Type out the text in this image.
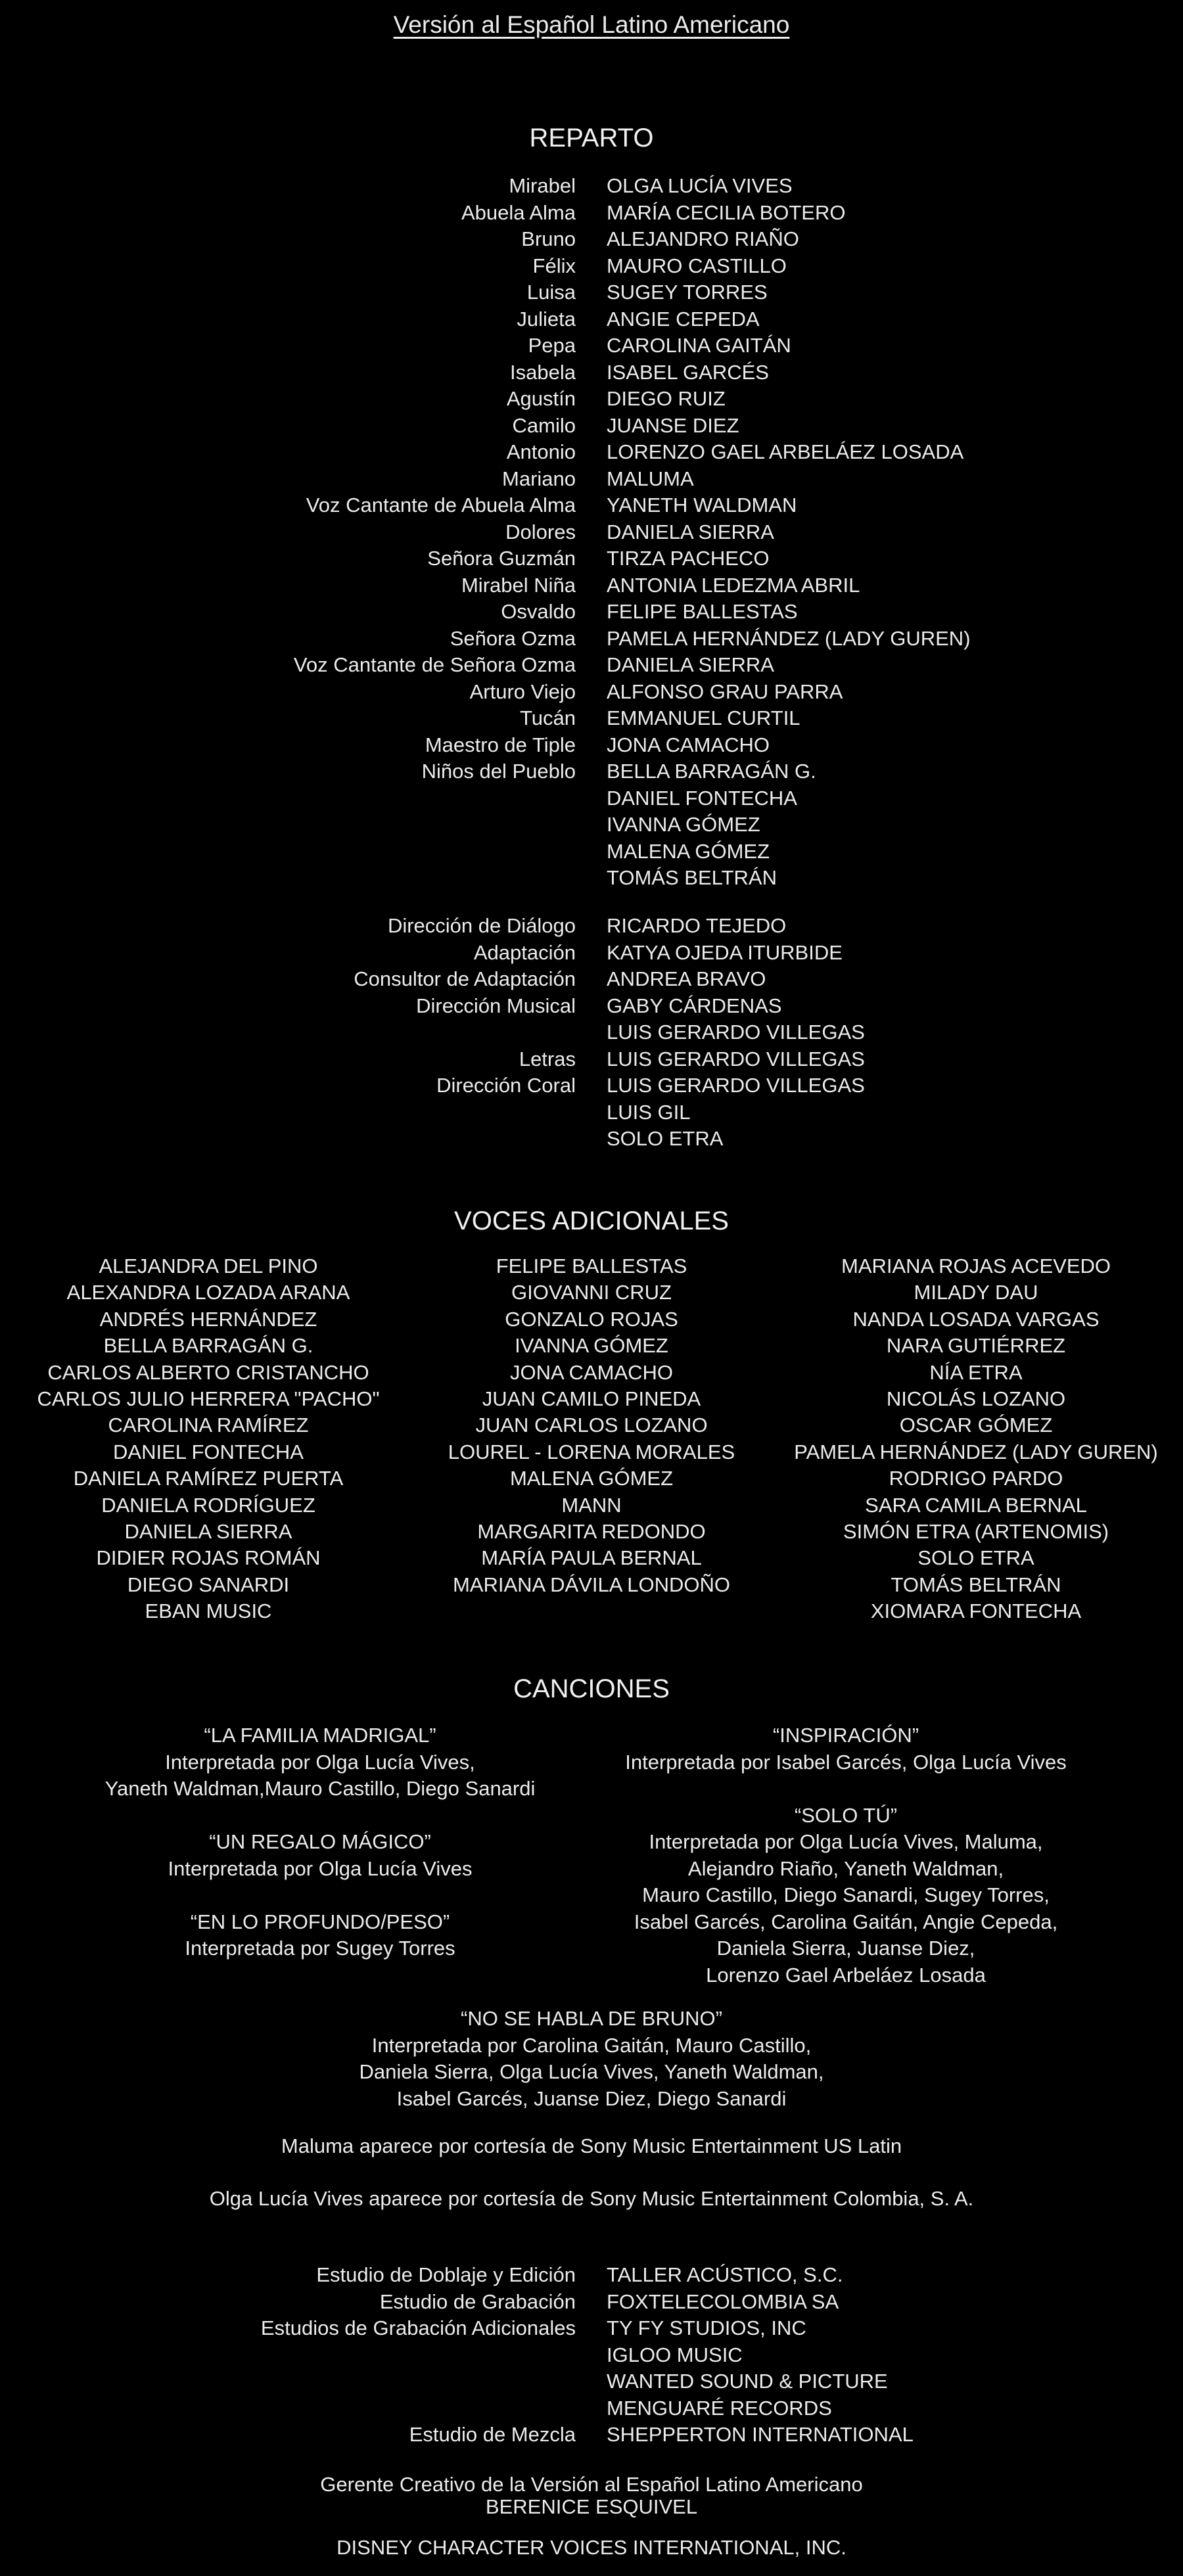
Versión al Español Latino Americano
REPARTO
Mirabel OLGA LUCÍA VIVES
Abuela Alma MARÍA CECILIA BOTERO
Bruno ALEJANDRO RIAÑO
Félix MAURO CASTILLO
Luisa SUGEY TORRES
Julieta ANGIE CEPEDA
Pepa CAROLINA GAITÁN
Isabela ISABEL GARCÉS
Agustín DIEGO RUIZ
Camilo JUANSE DIEZ
Antonio LORENZO GAEL ARBELÁEZ LOSADA
Mariano MALUMA
Voz Cantante de Abuela Alma YANETH WALDMAN
Dolores DANIELA SIERRA
Señora Guzmán TIRZA PACHECO
Mirabel Niña ANTONIA LEDEZMA ABRIL
Osvaldo FELIPE BALLESTAS
Señora Ozma PAMELA HERNÁNDEZ (LADY GUREN)
Voz Cantante de Señora Ozma DANIELA SIERRA
Arturo Viejo ALFONSO GRAU PARRA
Tucán EMMANUEL CURTIL
Maestro de Tiple JONA CAMACHO
Niños del Pueblo BELLA BARRAGÁN G.
DANIEL FONTECHA
IVANNA GÓMEZ
MALENA GÓMEZ
TOMÁS BELTRÁN
Dirección de Diálogo RICARDO TEJEDO
Adaptación KATYA OJEDA ITURBIDE
Consultor de Adaptación ANDREA BRAVO
Dirección Musical GABY CÁRDENAS
LUIS GERARDO VILLEGAS
Letras LUIS GERARDO VILLEGAS
Dirección Coral LUIS GERARDO VILLEGAS
LUIS GIL
SOLO ETRA
VOCES ADICIONALES
ALEJANDRA DEL PINO
ALEXANDRA LOZADA ARANA
ANDRÉS HERNÁNDEZ
BELLA BARRAGÁN G.
CARLOS ALBERTO CRISTANCHO
CARLOS JULIO HERRERA "PACHO"
CAROLINA RAMÍREZ
DANIEL FONTECHA
DANIELA RAMÍREZ PUERTA
DANIELA RODRÍGUEZ
DANIELA SIERRA
DIDIER ROJAS ROMÁN
DIEGO SANARDI
EBAN MUSIC
FELIPE BALLESTAS
GIOVANNI CRUZ
GONZALO ROJAS
IVANNA GÓMEZ
JONA CAMACHO
JUAN CAMILO PINEDA
JUAN CARLOS LOZANO
LOUREL - LORENA MORALES
MALENA GÓMEZ
MANN
MARGARITA REDONDO
MARÍA PAULA BERNAL
MARIANA DÁVILA LONDOÑO
MARIANA ROJAS ACEVEDO
MILADY DAU
NANDA LOSADA VARGAS
NARA GUTIÉRREZ
NÍA ETRA
NICOLÁS LOZANO
OSCAR GÓMEZ
PAMELA HERNÁNDEZ (LADY GUREN)
RODRIGO PARDO
SARA CAMILA BERNAL
SIMÓN ETRA (ARTENOMIS)
SOLO ETRA
TOMÁS BELTRÁN
XIOMARA FONTECHA
CANCIONES
“LA FAMILIA MADRIGAL”
Interpretada por Olga Lucía Vives,
Yaneth Waldman,Mauro Castillo, Diego Sanardi

“UN REGALO MÁGICO”
Interpretada por Olga Lucía Vives

“EN LO PROFUNDO/PESO”
Interpretada por Sugey Torres
“INSPIRACIÓN”
Interpretada por Isabel Garcés, Olga Lucía Vives

“SOLO TÚ”
Interpretada por Olga Lucía Vives, Maluma,
Alejandro Riaño, Yaneth Waldman,
Mauro Castillo, Diego Sanardi, Sugey Torres,
Isabel Garcés, Carolina Gaitán, Angie Cepeda,
Daniela Sierra, Juanse Diez,
Lorenzo Gael Arbeláez Losada
“NO SE HABLA DE BRUNO”
Interpretada por Carolina Gaitán, Mauro Castillo,
Daniela Sierra, Olga Lucía Vives, Yaneth Waldman,
Isabel Garcés, Juanse Diez, Diego Sanardi
Maluma aparece por cortesía de Sony Music Entertainment US Latin
Olga Lucía Vives aparece por cortesía de Sony Music Entertainment Colombia, S. A.
Estudio de Doblaje y Edición TALLER ACÚSTICO, S.C.
Estudio de Grabación FOXTELECOLOMBIA SA
Estudios de Grabación Adicionales TY FY STUDIOS, INC
IGLOO MUSIC
WANTED SOUND & PICTURE
MENGUARÉ RECORDS
Estudio de Mezcla SHEPPERTON INTERNATIONAL
Gerente Creativo de la Versión al Español Latino Americano
BERENICE ESQUIVEL
DISNEY CHARACTER VOICES INTERNATIONAL, INC.
